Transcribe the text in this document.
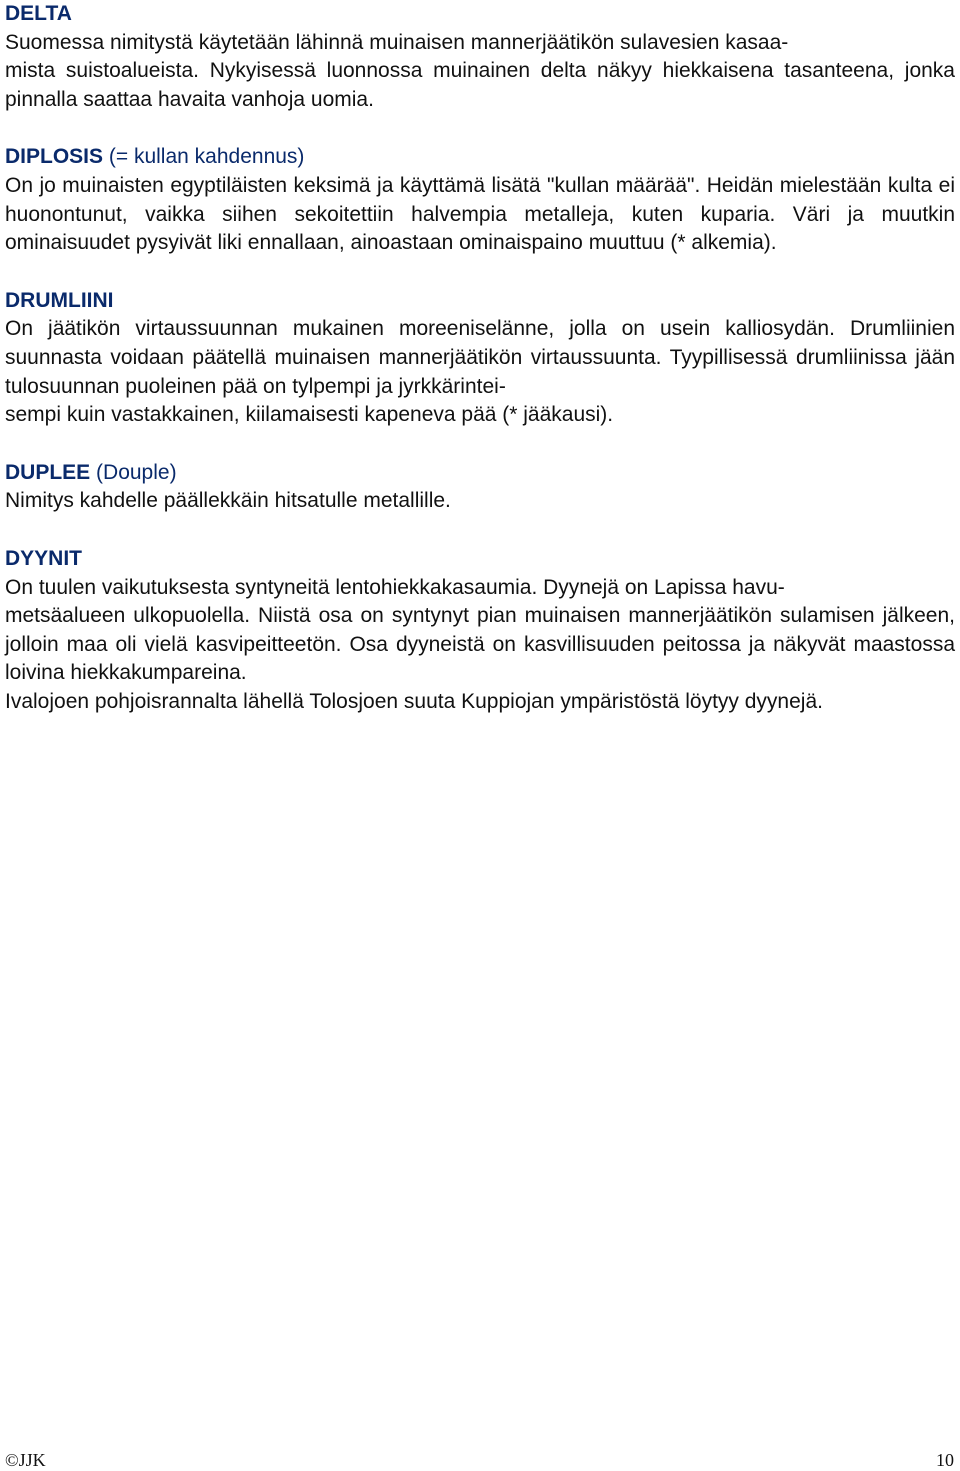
DELTA

Suomessa nimitystä käytetään lähinnä muinaisen mannerjäätikön sulavesien kasaa-
mista suistoalueista. Nykyisessä luonnossa muinainen delta näkyy hiekkaisena tasanteena, jonka pinnalla saattaa havaita vanhoja uomia.

DIPLOSIS (= kullan kahdennus)

On jo muinaisten egyptiläisten keksimä ja käyttämä lisätä "kullan määrää". Heidän mielestään kulta ei huonontunut, vaikka siihen sekoitettiin halvempia metalleja, kuten kuparia. Väri ja muutkin ominaisuudet pysyivät liki ennallaan, ainoastaan ominaispaino muuttuu (* alkemia).

DRUMLIINI

On jäätikön virtaussuunnan mukainen moreeniselänne, jolla on usein kalliosydän. Drumliinien suunnasta voidaan päätellä muinaisen mannerjäätikön virtaussuunta. Tyypillisessä drumliinissa jään tulosuunnan puoleinen pää on tylpempi ja jyrkkärintei-
sempi kuin vastakkainen, kiilamaisesti kapeneva pää (* jääkausi).

DUPLEE (Douple)

Nimitys kahdelle päällekkäin hitsatulle metallille.

DYYNIT

On tuulen vaikutuksesta syntyneitä lentohiekkakasaumia. Dyynejä on Lapissa havu-
metsäalueen ulkopuolella. Niistä osa on syntynyt pian muinaisen mannerjäätikön sulamisen jälkeen, jolloin maa oli vielä kasvipeitteetön. Osa dyyneistä on kasvillisuuden peitossa ja näkyvät maastossa loivina hiekkakumpareina.

Ivalojoen pohjoisrannalta lähellä Tolosjoen suuta Kuppiojan ympäristöstä löytyy dyynejä.

©JJK	10
